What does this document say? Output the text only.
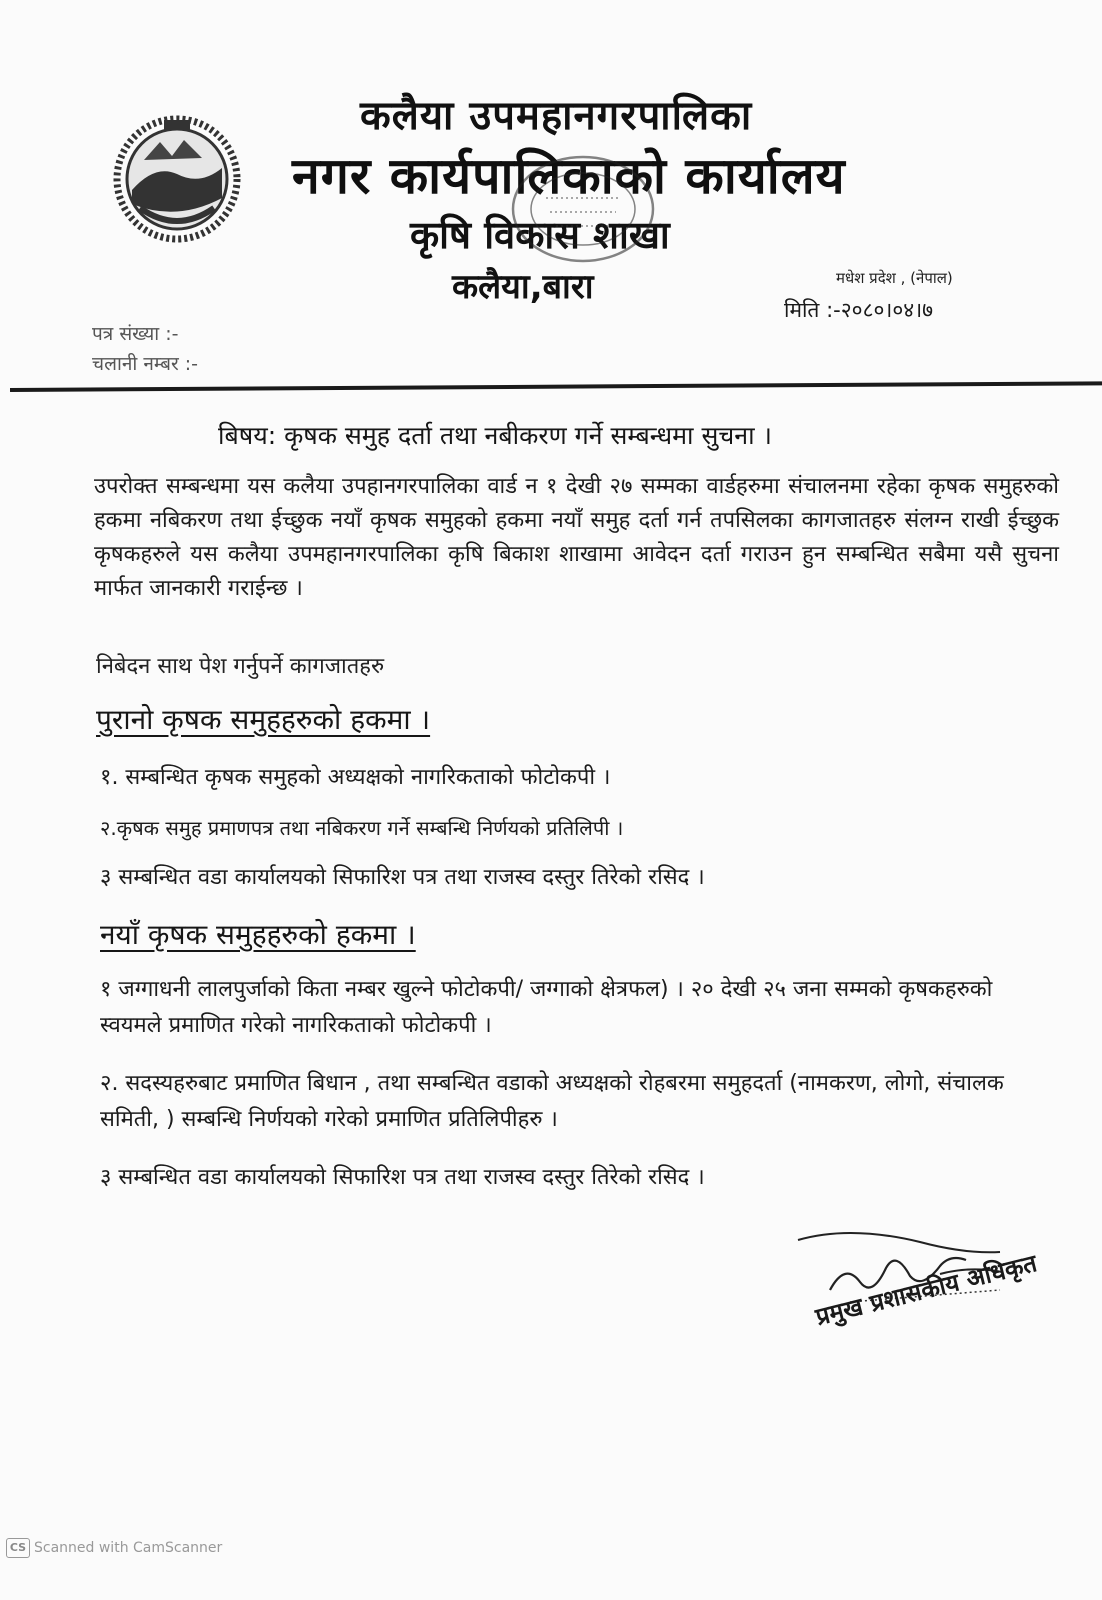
कलैया उपमहानगरपालिका
नगर कार्यपालिकाको कार्यालय
कृषि विकास शाखा
कलैया,बारा	मधेश प्रदेश , (नेपाल)
मिति :-२०८०।०४।७
पत्र संख्या :-
चलानी नम्बर :-
बिषय: कृषक समुह दर्ता तथा नबीकरण गर्ने सम्बन्धमा सुचना ।
उपरोक्त सम्बन्धमा यस कलैया उपहानगरपालिका वार्ड न १ देखी २७ सम्मका वार्डहरुमा संचालनमा रहेका कृषक समुहरुको हकमा नबिकरण तथा ईच्छुक नयाँ कृषक समुहको हकमा नयाँ समुह दर्ता गर्न तपसिलका कागजातहरु संलग्न राखी ईच्छुक कृषकहरुले यस कलैया उपमहानगरपालिका कृषि बिकाश शाखामा आवेदन दर्ता गराउन हुन सम्बन्धित सबैमा यसै सुचना मार्फत जानकारी गराईन्छ ।
निबेदन साथ पेश गर्नुपर्ने कागजातहरु
पुरानो कृषक समुहहरुको हकमा ।
१. सम्बन्धित कृषक समुहको अध्यक्षको नागरिकताको फोटोकपी ।
२.कृषक समुह प्रमाणपत्र तथा नबिकरण गर्ने सम्बन्धि निर्णयको प्रतिलिपी ।
३ सम्बन्धित वडा कार्यालयको सिफारिश पत्र तथा राजस्व दस्तुर तिरेको रसिद ।
नयाँ कृषक समुहहरुको हकमा ।
१ जग्गाधनी लालपुर्जाको किता नम्बर खुल्ने फोटोकपी/ जग्गाको क्षेत्रफल) । २० देखी २५ जना सम्मको कृषकहरुको स्वयमले प्रमाणित गरेको नागरिकताको फोटोकपी ।
२. सदस्यहरुबाट प्रमाणित बिधान , तथा सम्बन्धित वडाको अध्यक्षको रोहबरमा समुहदर्ता (नामकरण, लोगो, संचालक समिती, ) सम्बन्धि निर्णयको गरेको प्रमाणित प्रतिलिपीहरु ।
३ सम्बन्धित वडा कार्यालयको सिफारिश पत्र तथा राजस्व दस्तुर तिरेको रसिद ।
प्रमुख प्रशासकीय अधिकृत
CS Scanned with CamScanner
